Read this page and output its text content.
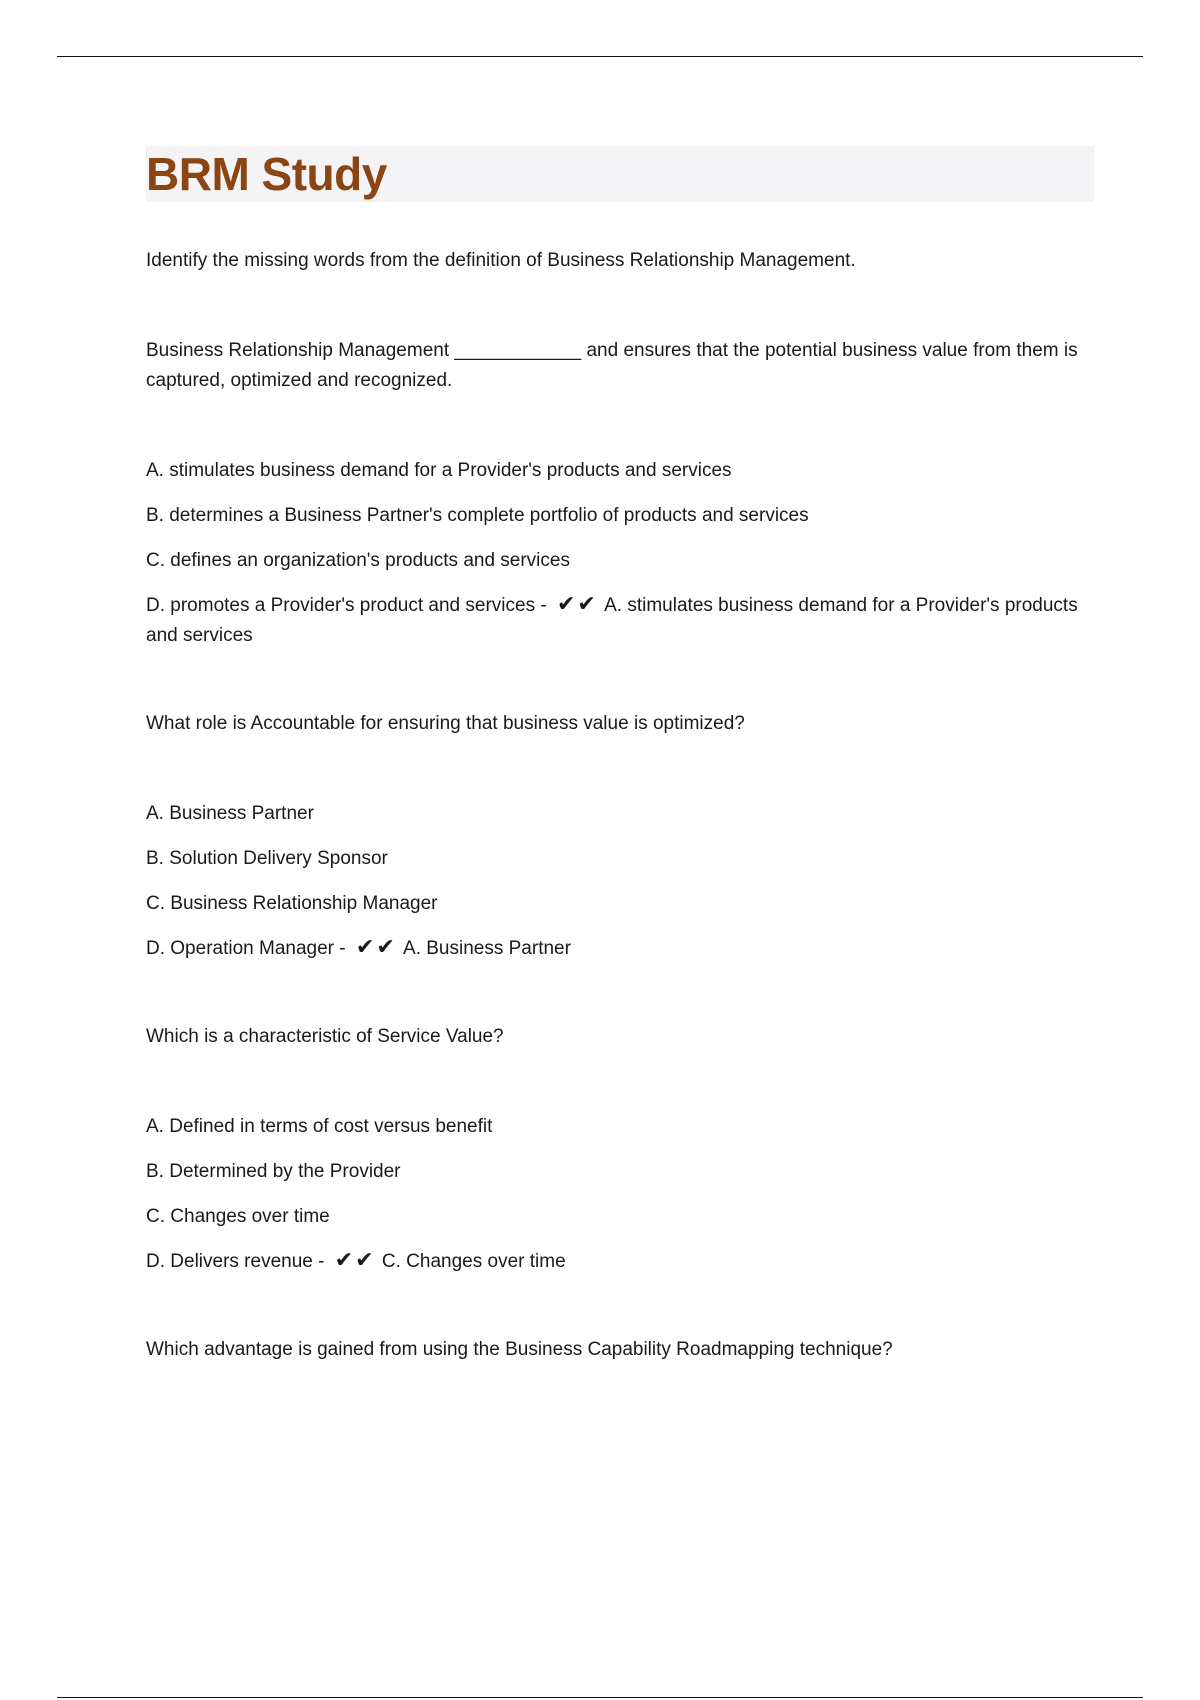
BRM Study

Identify the missing words from the definition of Business Relationship Management.

Business Relationship Management ____________ and ensures that the potential business value from them is captured, optimized and recognized.

A. stimulates business demand for a Provider's products and services

B. determines a Business Partner's complete portfolio of products and services

C. defines an organization's products and services

D. promotes a Provider's product and services - ✔✔ A. stimulates business demand for a Provider's products and services

What role is Accountable for ensuring that business value is optimized?

A. Business Partner

B. Solution Delivery Sponsor

C. Business Relationship Manager

D. Operation Manager - ✔✔ A. Business Partner

Which is a characteristic of Service Value?

A. Defined in terms of cost versus benefit

B. Determined by the Provider

C. Changes over time

D. Delivers revenue - ✔✔ C. Changes over time

Which advantage is gained from using the Business Capability Roadmapping technique?
